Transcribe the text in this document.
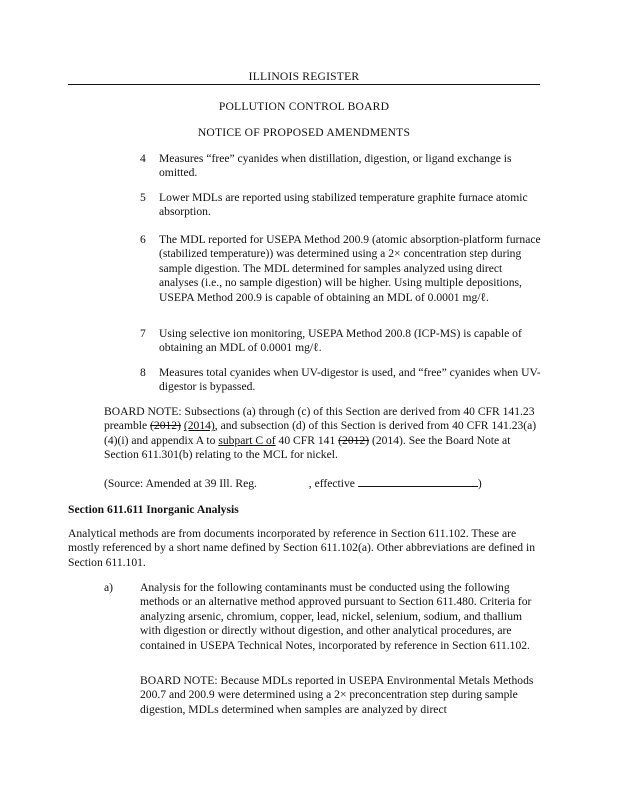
ILLINOIS REGISTER
POLLUTION CONTROL BOARD
NOTICE OF PROPOSED AMENDMENTS
4	Measures “free” cyanides when distillation, digestion, or ligand exchange is omitted.
5	Lower MDLs are reported using stabilized temperature graphite furnace atomic absorption.
6	The MDL reported for USEPA Method 200.9 (atomic absorption-platform furnace (stabilized temperature)) was determined using a 2× concentration step during sample digestion. The MDL determined for samples analyzed using direct analyses (i.e., no sample digestion) will be higher. Using multiple depositions, USEPA Method 200.9 is capable of obtaining an MDL of 0.0001 mg/ℓ.
7	Using selective ion monitoring, USEPA Method 200.8 (ICP-MS) is capable of obtaining an MDL of 0.0001 mg/ℓ.
8	Measures total cyanides when UV-digestor is used, and “free” cyanides when UV-digestor is bypassed.
BOARD NOTE: Subsections (a) through (c) of this Section are derived from 40 CFR 141.23 preamble (2012) (2014), and subsection (d) of this Section is derived from 40 CFR 141.23(a)(4)(i) and appendix A to subpart C of 40 CFR 141 (2012) (2014). See the Board Note at Section 611.301(b) relating to the MCL for nickel.
(Source: Amended at 39 Ill. Reg.	, effective	)
Section 611.611 Inorganic Analysis
Analytical methods are from documents incorporated by reference in Section 611.102. These are mostly referenced by a short name defined by Section 611.102(a). Other abbreviations are defined in Section 611.101.
a) Analysis for the following contaminants must be conducted using the following methods or an alternative method approved pursuant to Section 611.480. Criteria for analyzing arsenic, chromium, copper, lead, nickel, selenium, sodium, and thallium with digestion or directly without digestion, and other analytical procedures, are contained in USEPA Technical Notes, incorporated by reference in Section 611.102.
BOARD NOTE: Because MDLs reported in USEPA Environmental Metals Methods 200.7 and 200.9 were determined using a 2× preconcentration step during sample digestion, MDLs determined when samples are analyzed by direct
